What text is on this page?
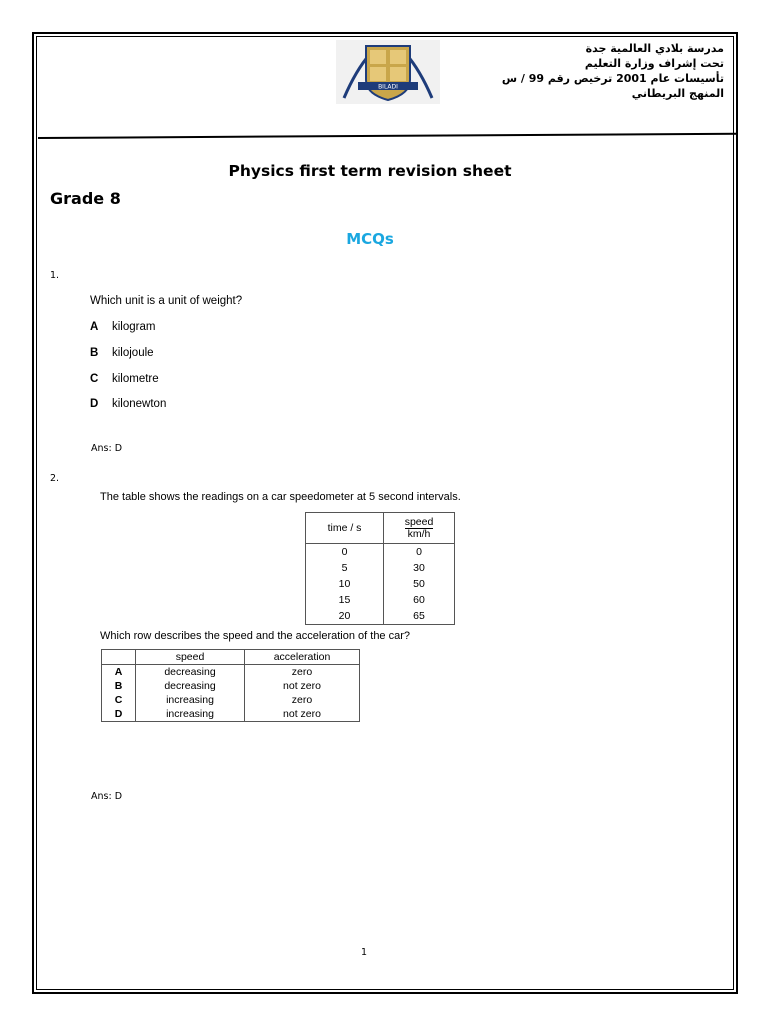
BILADI
مدرسة بلادي العالمية جدة
تحت إشراف وزارة التعليم
تأسيسات عام 2001 ترخيص رقم 99 / س
المنهج البريطاني
Physics first term revision sheet
Grade 8
MCQs
1.
Which unit is a unit of weight?
A kilogram
B kilojoule
C kilometre
D kilonewton
Ans: D
2.
The table shows the readings on a car speedometer at 5 second intervals.
time / s	$\frac{\text{speed}}{km/h}$
0	0
5	30
10	50
15	60
20	65
Which row describes the speed and the acceleration of the car?
	speed	acceleration
A	decreasing	zero
B	decreasing	not zero
C	increasing	zero
D	increasing	not zero
Ans: D
1
